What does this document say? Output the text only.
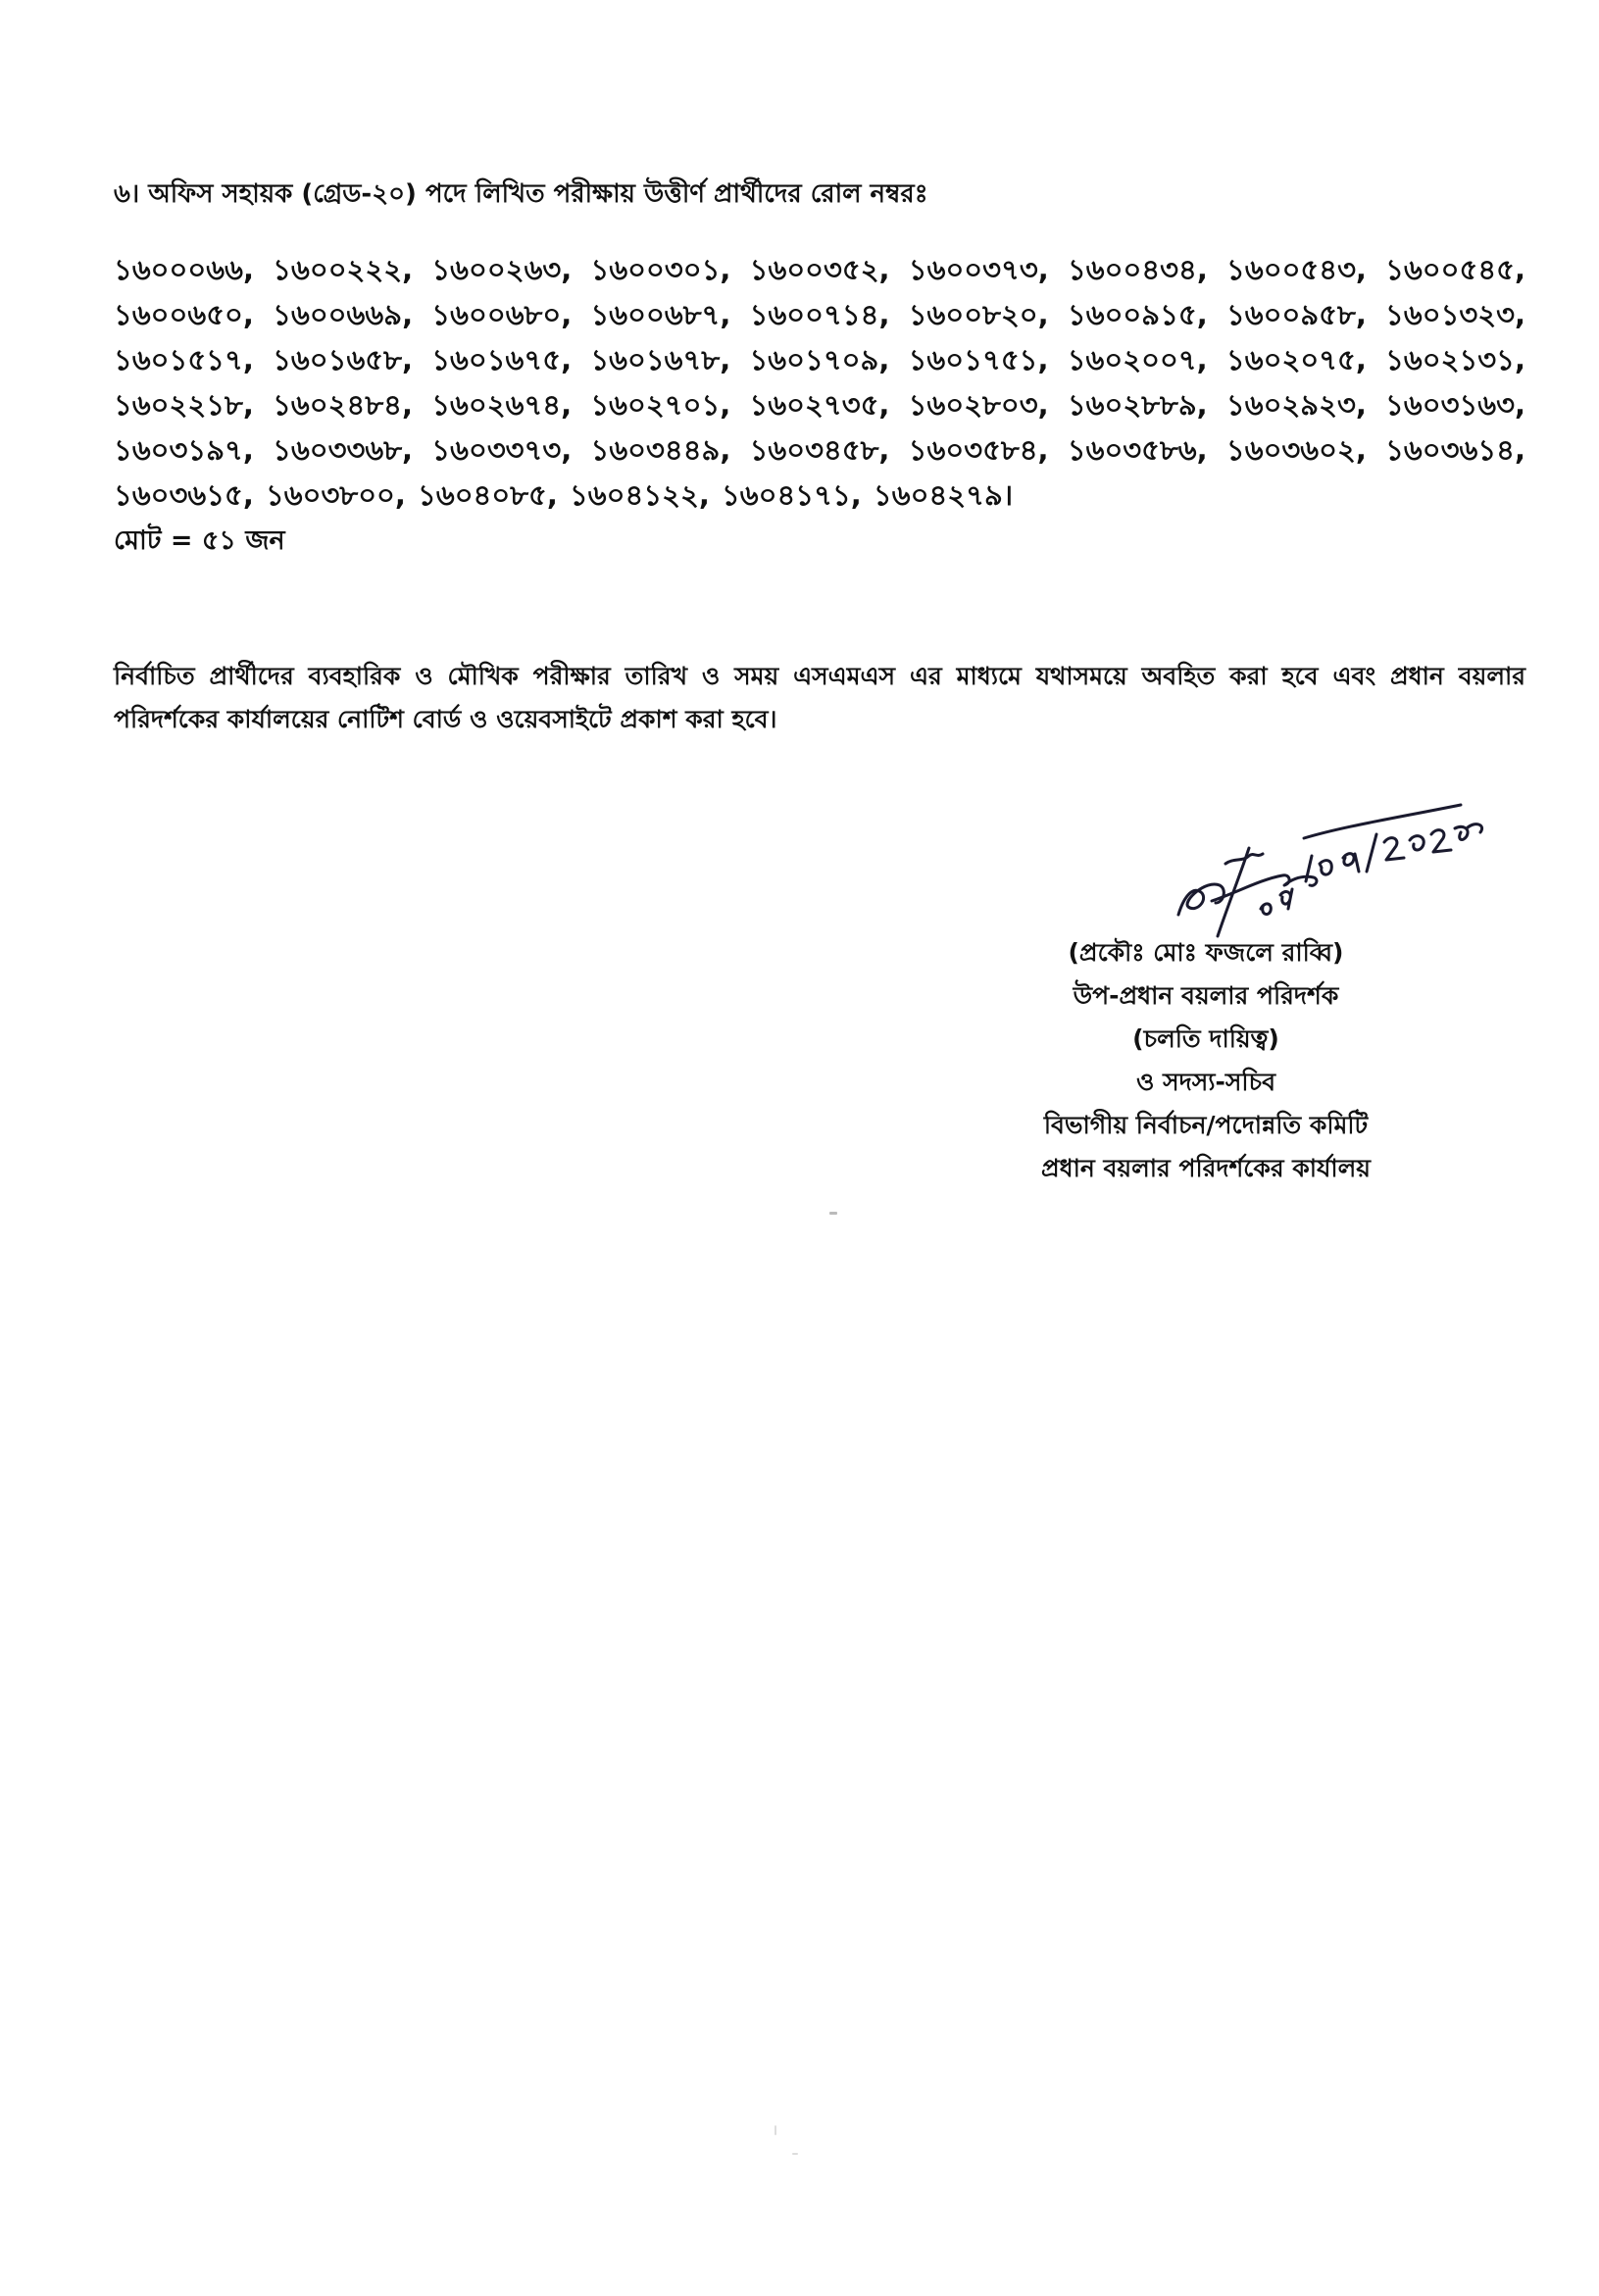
৬। অফিস সহায়ক (গ্রেড-২০) পদে লিখিত পরীক্ষায় উত্তীর্ণ প্রার্থীদের রোল নম্বরঃ
১৬০০০৬৬, ১৬০০২২২, ১৬০০২৬৩, ১৬০০৩০১, ১৬০০৩৫২, ১৬০০৩৭৩, ১৬০০৪৩৪, ১৬০০৫৪৩, ১৬০০৫৪৫, ১৬০০৬৫০, ১৬০০৬৬৯, ১৬০০৬৮০, ১৬০০৬৮৭, ১৬০০৭১৪, ১৬০০৮২০, ১৬০০৯১৫, ১৬০০৯৫৮, ১৬০১৩২৩, ১৬০১৫১৭, ১৬০১৬৫৮, ১৬০১৬৭৫, ১৬০১৬৭৮, ১৬০১৭০৯, ১৬০১৭৫১, ১৬০২০০৭, ১৬০২০৭৫, ১৬০২১৩১, ১৬০২২১৮, ১৬০২৪৮৪, ১৬০২৬৭৪, ১৬০২৭০১, ১৬০২৭৩৫, ১৬০২৮০৩, ১৬০২৮৮৯, ১৬০২৯২৩, ১৬০৩১৬৩, ১৬০৩১৯৭, ১৬০৩৩৬৮, ১৬০৩৩৭৩, ১৬০৩৪৪৯, ১৬০৩৪৫৮, ১৬০৩৫৮৪, ১৬০৩৫৮৬, ১৬০৩৬০২, ১৬০৩৬১৪, ১৬০৩৬১৫, ১৬০৩৮০০, ১৬০৪০৮৫, ১৬০৪১২২, ১৬০৪১৭১, ১৬০৪২৭৯।
মোট = ৫১ জন
নির্বাচিত প্রার্থীদের ব্যবহারিক ও মৌখিক পরীক্ষার তারিখ ও সময় এসএমএস এর মাধ্যমে যথাসময়ে অবহিত করা হবে এবং প্রধান বয়লার পরিদর্শকের কার্যালয়ের নোটিশ বোর্ড ও ওয়েবসাইটে প্রকাশ করা হবে।
(প্রকৌঃ মোঃ ফজলে রাব্বি)
উপ-প্রধান বয়লার পরিদর্শক
(চলতি দায়িত্ব)
ও সদস্য-সচিব
বিভাগীয় নির্বাচন/পদোন্নতি কমিটি
প্রধান বয়লার পরিদর্শকের কার্যালয়
